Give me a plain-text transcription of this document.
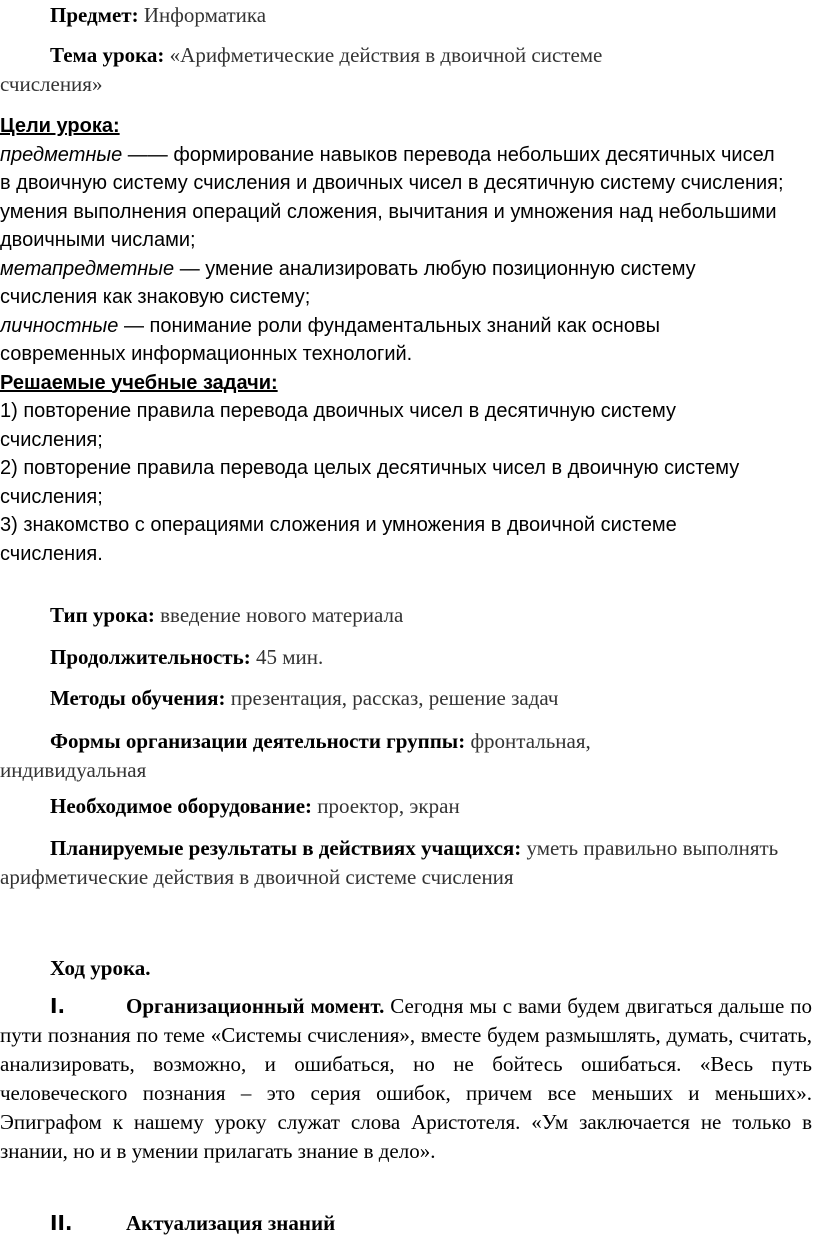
Предмет: Информатика

Тема урока: «Арифметические действия в двоичной системе счисления»

Цели урока:

предметные —— формирование навыков перевода небольших десятичных чисел в двоичную систему счисления и двоичных чисел в десятичную систему счисления; умения выполнения операций сложения, вычитания и умножения над небольшими двоичными числами;

метапредметные — умение анализировать любую позиционную систему счисления как знаковую систему;

личностные — понимание роли фундаментальных знаний как основы современных информационных технологий.

Решаемые учебные задачи:

1) повторение правила перевода двоичных чисел в десятичную систему счисления;

2) повторение правила перевода целых десятичных чисел в двоичную систему счисления;

3) знакомство с операциями сложения и умножения в двоичной системе счисления.

Тип урока: введение нового материала

Продолжительность: 45 мин.

Методы обучения: презентация, рассказ, решение задач

Формы организации деятельности группы: фронтальная, индивидуальная

Необходимое оборудование: проектор, экран

Планируемые результаты в действиях учащихся: уметь правильно выполнять арифметические действия в двоичной системе счисления

Ход урока.

I.	Организационный момент. Сегодня мы с вами будем двигаться дальше по пути познания по теме «Системы счисления», вместе будем размышлять, думать, считать, анализировать, возможно, и ошибаться, но не бойтесь ошибаться. «Весь путь человеческого познания – это серия ошибок, причем все меньших и меньших». Эпиграфом к нашему уроку служат слова Аристотеля. «Ум заключается не только в знании, но и в умении прилагать знание в дело».

II.	Актуализация знаний
